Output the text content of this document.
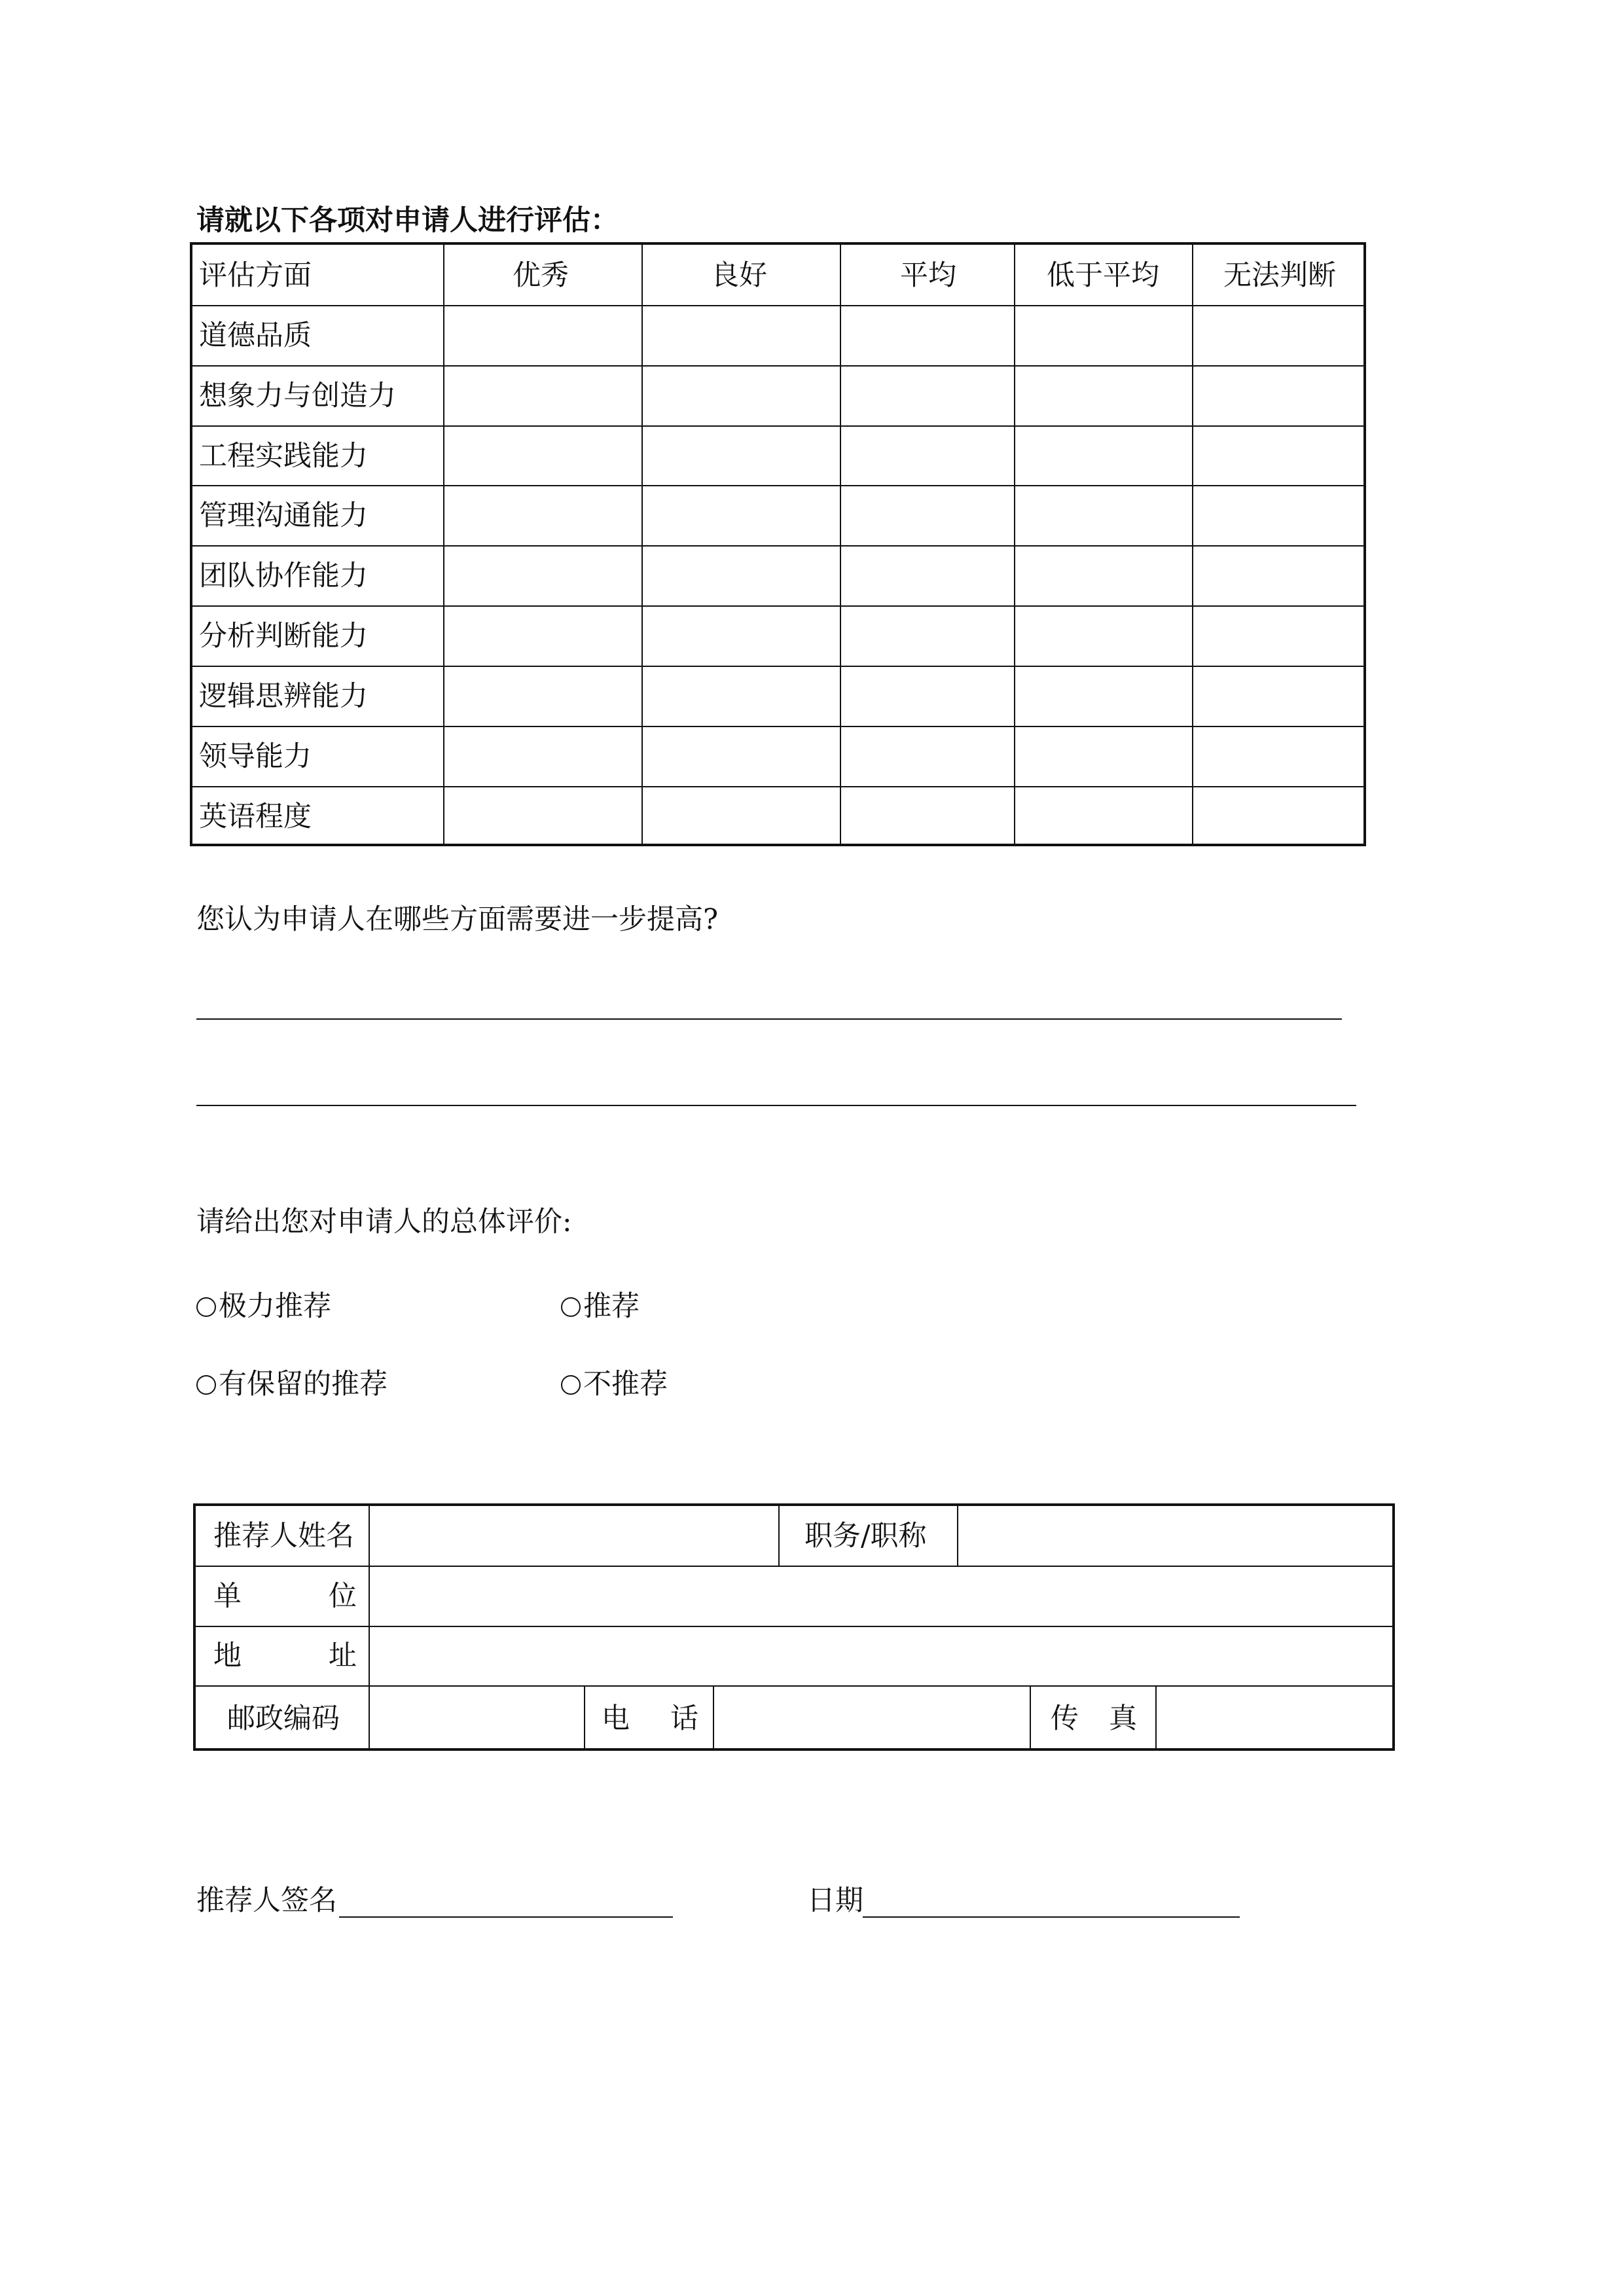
请就以下各项对申请人进行评估：
评估方面	优秀	良好	平均	低于平均 无法判断
道德品质
想象力与创造力
工程实践能力
管理沟通能力
团队协作能力
分析判断能力
逻辑思辨能力
领导能力
英语程度
您认为申请人在哪些方面需要进一步提高?
请给出您对申请人的总体评价:
极力推荐	推荐
有保留的推荐	不推荐
推荐人姓名	职务/职称
单	位
地	址
邮政编码	电 话	传 真
推荐人签名	日期
